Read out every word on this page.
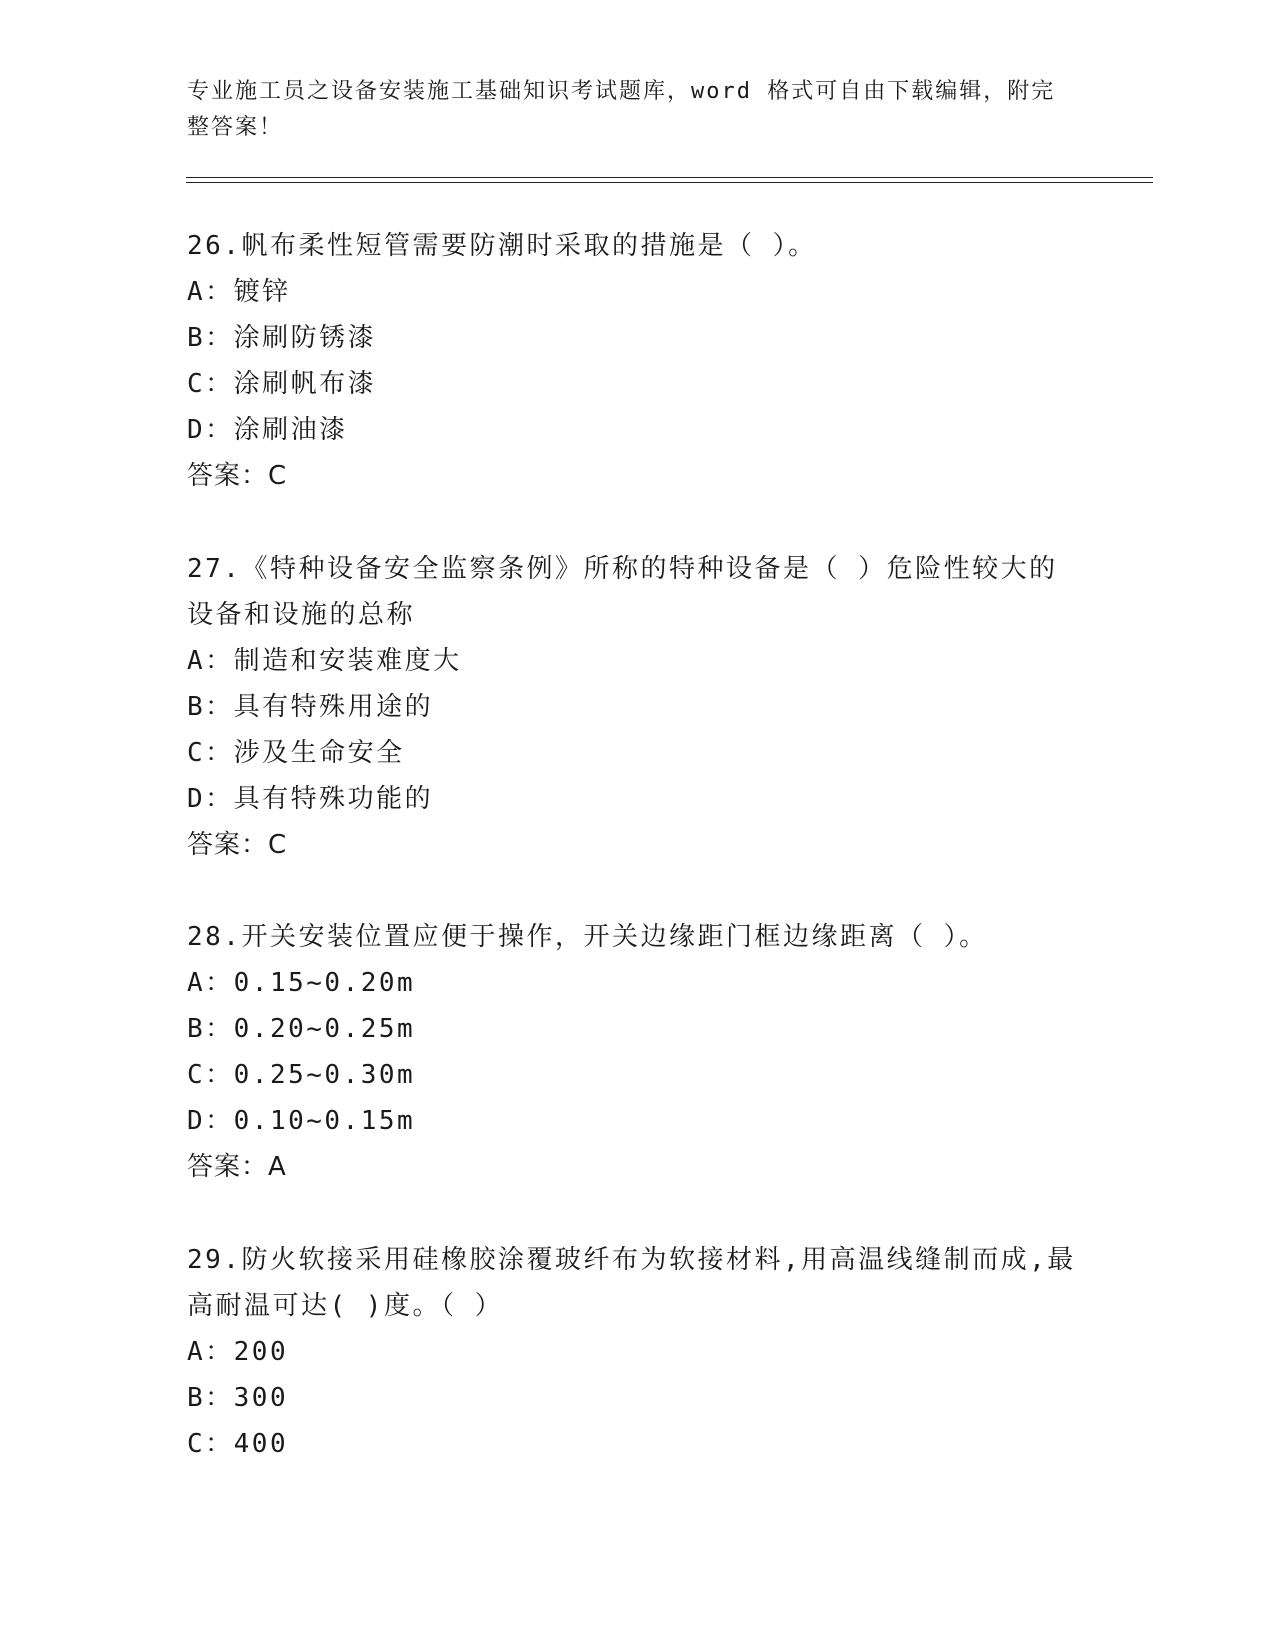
专业施工员之设备安装施工基础知识考试题库，word 格式可自由下载编辑，附完
整答案！
26.帆布柔性短管需要防潮时采取的措施是（ ）。
A：镀锌
B：涂刷防锈漆
C：涂刷帆布漆
D：涂刷油漆
答案：C
27.《特种设备安全监察条例》所称的特种设备是（ ）危险性较大的
设备和设施的总称
A：制造和安装难度大
B：具有特殊用途的
C：涉及生命安全
D：具有特殊功能的
答案：C
28.开关安装位置应便于操作，开关边缘距门框边缘距离（ ）。
A：0.15~0.20m
B：0.20~0.25m
C：0.25~0.30m
D：0.10~0.15m
答案：A
29.防火软接采用硅橡胶涂覆玻纤布为软接材料,用高温线缝制而成,最
高耐温可达( )度。（ ）
A：200
B：300
C：400
